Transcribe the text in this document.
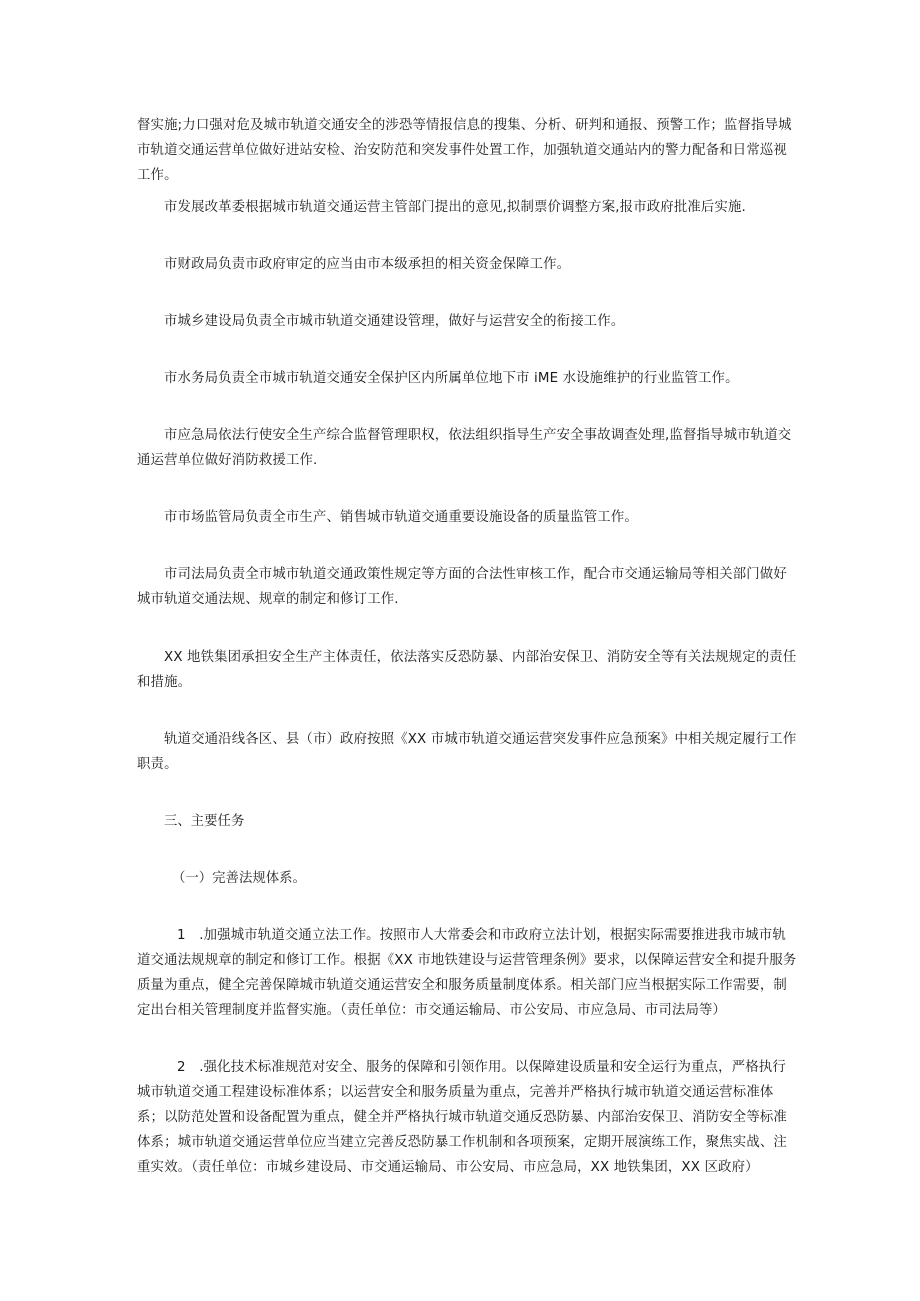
督实施;力口强对危及城市轨道交通安全的涉恐等情报信息的搜集、分析、研判和通报、预警工作；监督指导城市轨道交通运营单位做好进站安检、治安防范和突发事件处置工作，加强轨道交通站内的警力配备和日常巡视工作。

市发展改革委根据城市轨道交通运营主管部门提出的意见,拟制票价调整方案,报市政府批准后实施.

市财政局负责市政府审定的应当由市本级承担的相关资金保障工作。

市城乡建设局负责全市城市轨道交通建设管理，做好与运营安全的衔接工作。

市水务局负责全市城市轨道交通安全保护区内所属单位地下市 iME 水设施维护的行业监管工作。

市应急局依法行使安全生产综合监督管理职权，依法组织指导生产安全事故调查处理,监督指导城市轨道交通运营单位做好消防救援工作.

市市场监管局负责全市生产、销售城市轨道交通重要设施设备的质量监管工作。

市司法局负责全市城市轨道交通政策性规定等方面的合法性审核工作，配合市交通运输局等相关部门做好城市轨道交通法规、规章的制定和修订工作.

XX 地铁集团承担安全生产主体责任，依法落实反恐防暴、内部治安保卫、消防安全等有关法规规定的责任和措施。

轨道交通沿线各区、县（市）政府按照《XX 市城市轨道交通运营突发事件应急预案》中相关规定履行工作职责。

三、主要任务
（一）完善法规体系。

1　.加强城市轨道交通立法工作。按照市人大常委会和市政府立法计划，根据实际需要推进我市城市轨道交通法规规章的制定和修订工作。根据《XX 市地铁建设与运营管理条例》要求，以保障运营安全和提升服务质量为重点，健全完善保障城市轨道交通运营安全和服务质量制度体系。相关部门应当根据实际工作需要，制定出台相关管理制度并监督实施。（责任单位：市交通运输局、市公安局、市应急局、市司法局等）

2　.强化技术标准规范对安全、服务的保障和引领作用。以保障建设质量和安全运行为重点，严格执行城市轨道交通工程建设标准体系；以运营安全和服务质量为重点，完善并严格执行城市轨道交通运营标准体系；以防范处置和设备配置为重点，健全并严格执行城市轨道交通反恐防暴、内部治安保卫、消防安全等标准体系；城市轨道交通运营单位应当建立完善反恐防暴工作机制和各项预案，定期开展演练工作，聚焦实战、注重实效。（责任单位：市城乡建设局、市交通运输局、市公安局、市应急局，XX 地铁集团，XX 区政府）
